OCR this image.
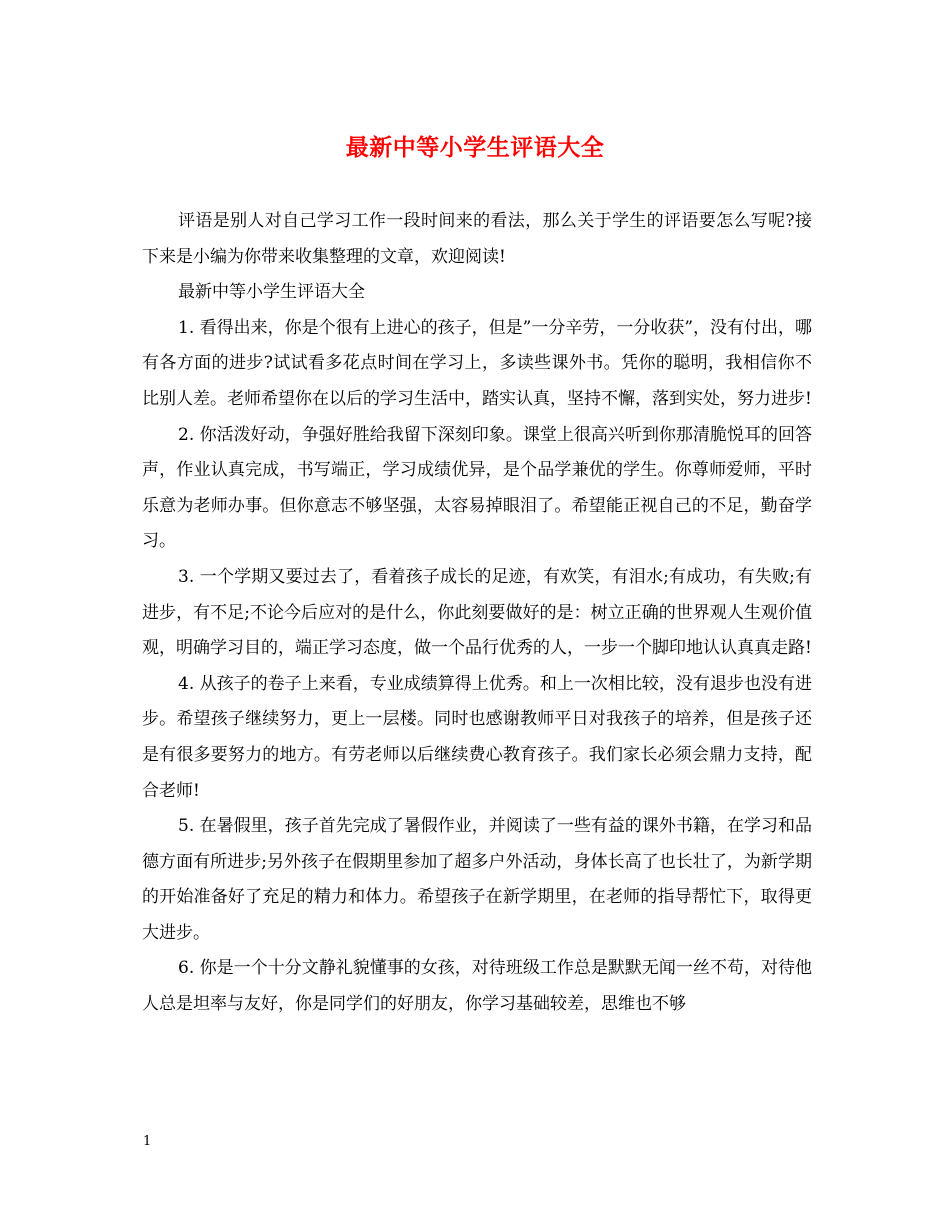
最新中等小学生评语大全

评语是别人对自己学习工作一段时间来的看法，那么关于学生的评语要怎么写呢?接下来是小编为你带来收集整理的文章，欢迎阅读!

最新中等小学生评语大全

1. 看得出来，你是个很有上进心的孩子，但是”一分辛劳，一分收获”，没有付出，哪有各方面的进步?试试看多花点时间在学习上，多读些课外书。凭你的聪明，我相信你不比别人差。老师希望你在以后的学习生活中，踏实认真，坚持不懈，落到实处，努力进步!

2. 你活泼好动，争强好胜给我留下深刻印象。课堂上很高兴听到你那清脆悦耳的回答声，作业认真完成，书写端正，学习成绩优异，是个品学兼优的学生。你尊师爱师，平时乐意为老师办事。但你意志不够坚强，太容易掉眼泪了。希望能正视自己的不足，勤奋学习。

3. 一个学期又要过去了，看着孩子成长的足迹，有欢笑，有泪水;有成功，有失败;有进步，有不足;不论今后应对的是什么，你此刻要做好的是：树立正确的世界观人生观价值观，明确学习目的，端正学习态度，做一个品行优秀的人，一步一个脚印地认认真真走路!

4. 从孩子的卷子上来看，专业成绩算得上优秀。和上一次相比较，没有退步也没有进步。希望孩子继续努力，更上一层楼。同时也感谢教师平日对我孩子的培养，但是孩子还是有很多要努力的地方。有劳老师以后继续费心教育孩子。我们家长必须会鼎力支持，配合老师!

5. 在暑假里，孩子首先完成了暑假作业，并阅读了一些有益的课外书籍，在学习和品德方面有所进步;另外孩子在假期里参加了超多户外活动，身体长高了也长壮了，为新学期的开始准备好了充足的精力和体力。希望孩子在新学期里，在老师的指导帮忙下，取得更大进步。

6. 你是一个十分文静礼貌懂事的女孩，对待班级工作总是默默无闻一丝不苟，对待他人总是坦率与友好，你是同学们的好朋友，你学习基础较差，思维也不够

1
